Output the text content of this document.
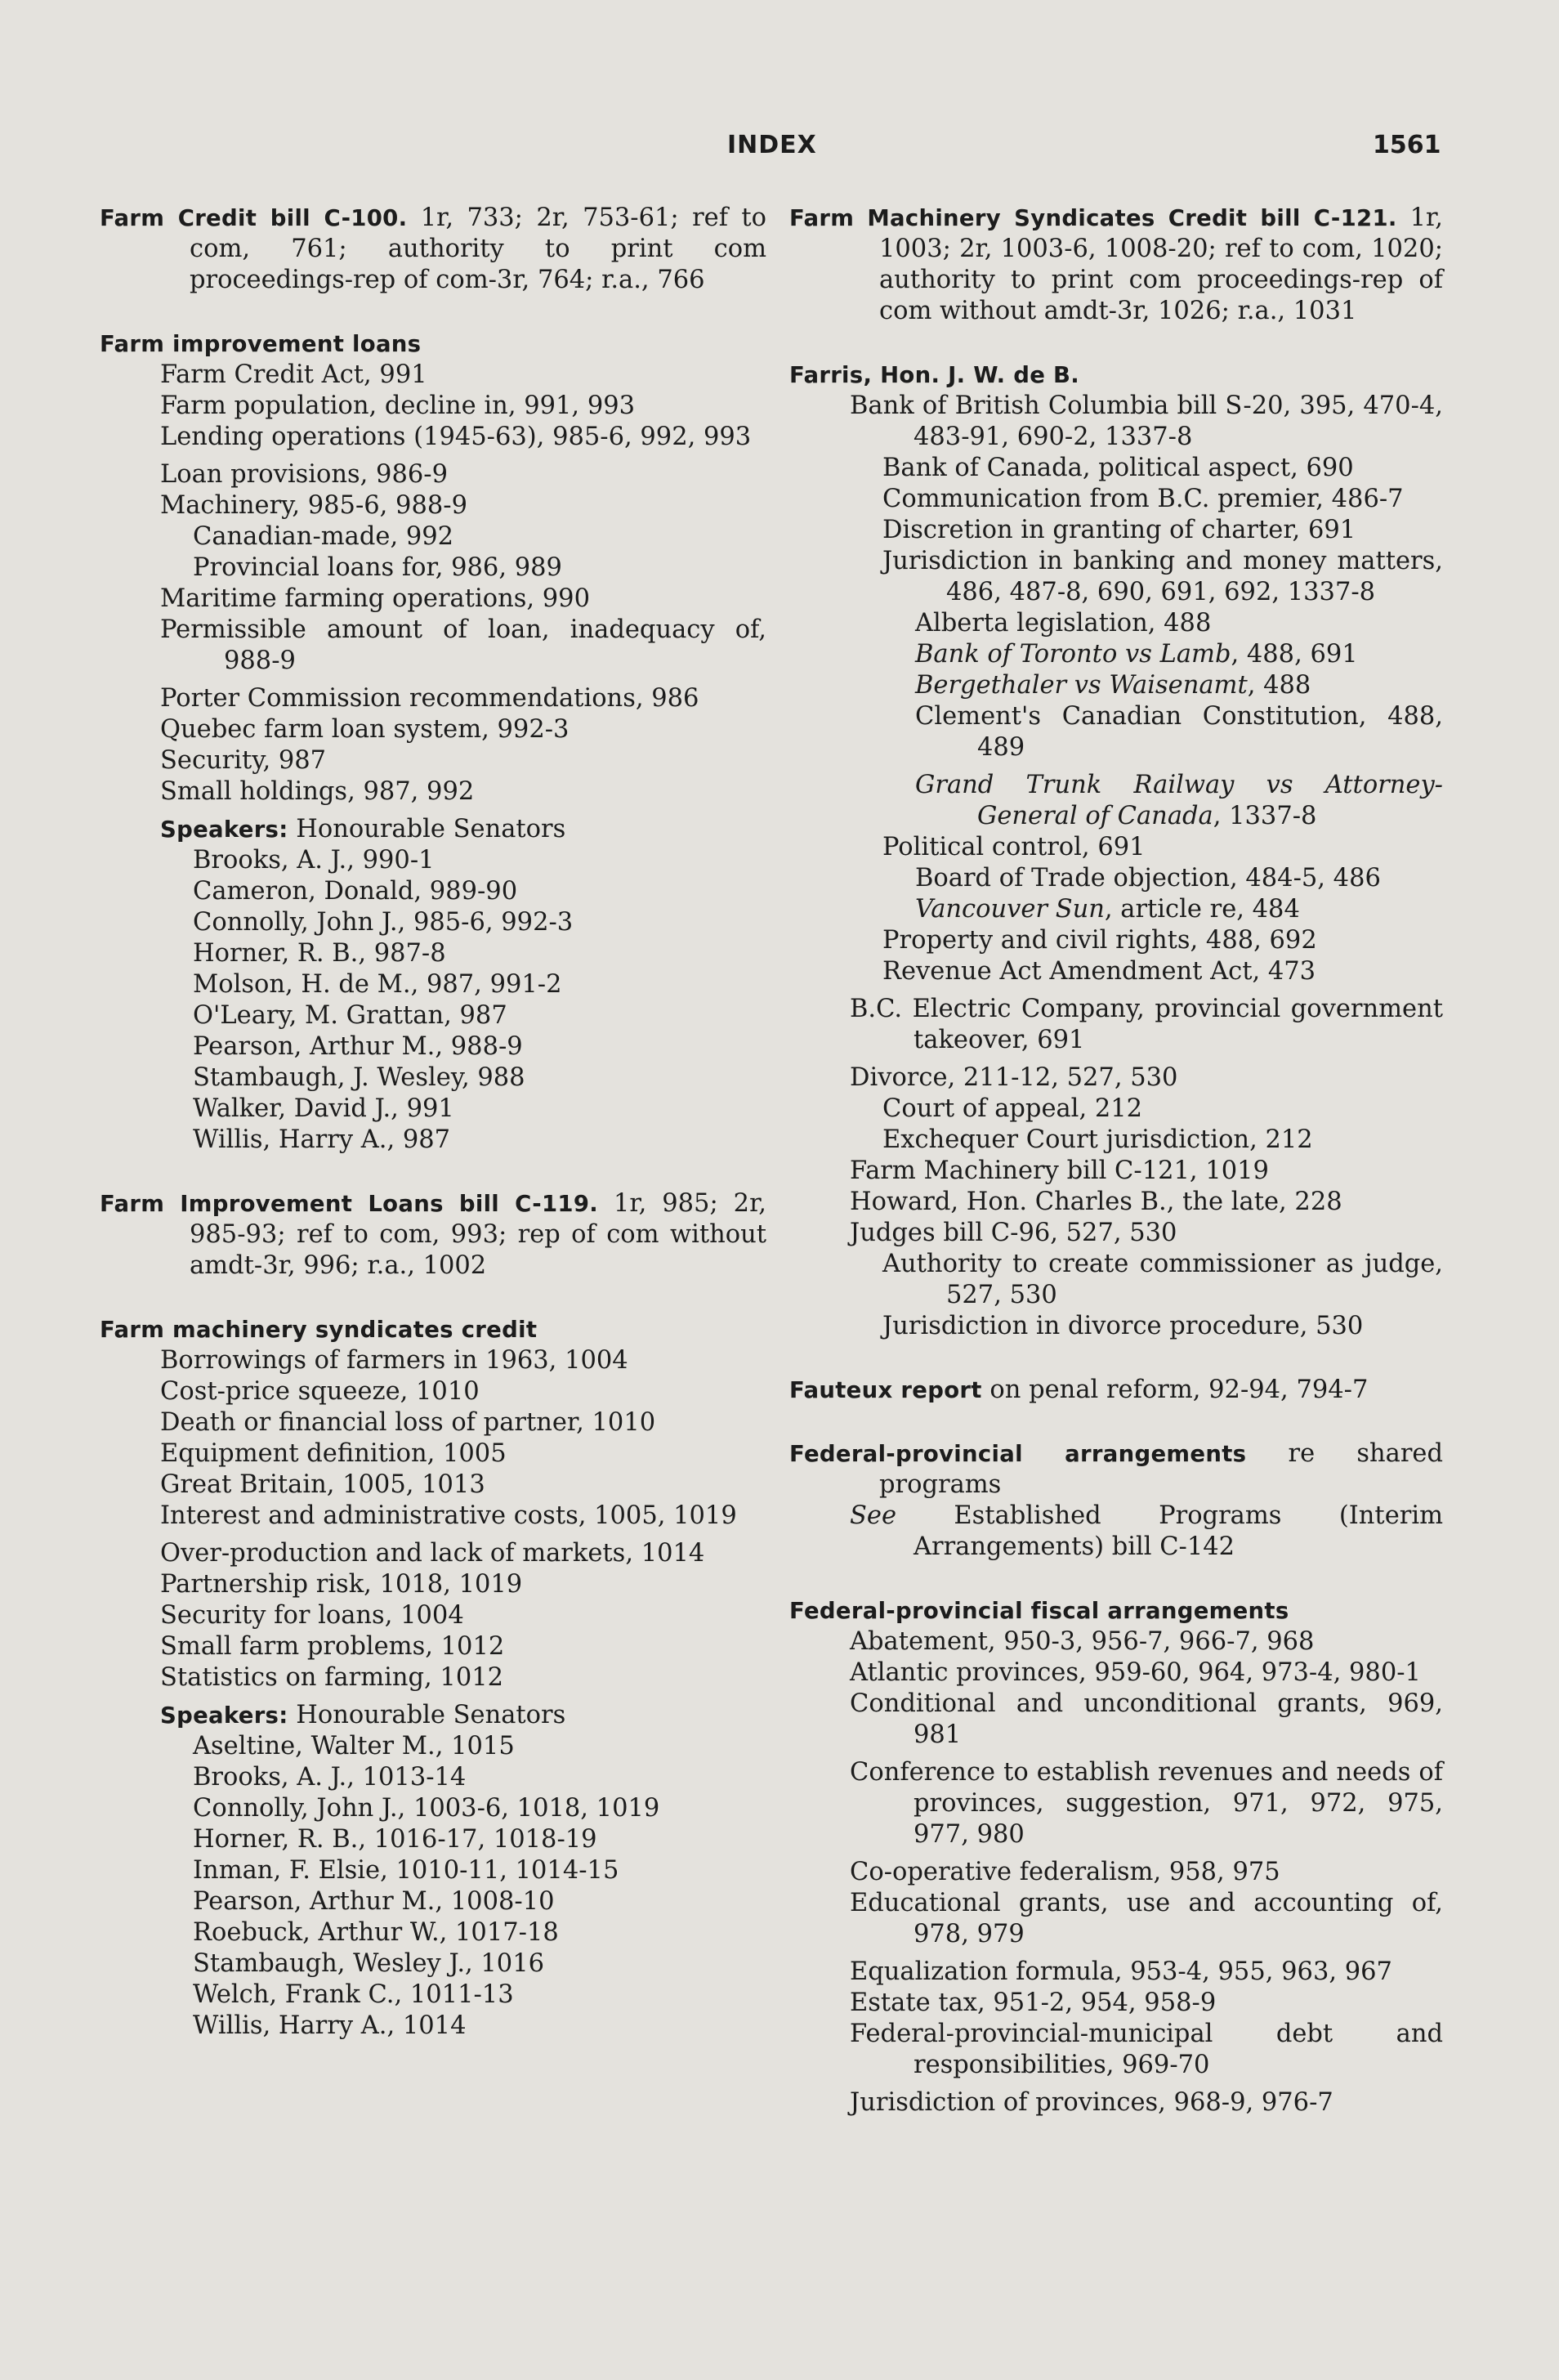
INDEX	1561
Farm Credit bill C-100. 1r, 733; 2r, 753-61; ref to com, 761; authority to print com proceedings-rep of com-3r, 764; r.a., 766
Farm improvement loans
Farm Credit Act, 991
Farm population, decline in, 991, 993
Lending operations (1945-63), 985-6, 992, 993
Loan provisions, 986-9
Machinery, 985-6, 988-9
Canadian-made, 992
Provincial loans for, 986, 989
Maritime farming operations, 990
Permissible amount of loan, inadequacy of, 988-9
Porter Commission recommendations, 986
Quebec farm loan system, 992-3
Security, 987
Small holdings, 987, 992
Speakers: Honourable Senators
Brooks, A. J., 990-1
Cameron, Donald, 989-90
Connolly, John J., 985-6, 992-3
Horner, R. B., 987-8
Molson, H. de M., 987, 991-2
O'Leary, M. Grattan, 987
Pearson, Arthur M., 988-9
Stambaugh, J. Wesley, 988
Walker, David J., 991
Willis, Harry A., 987
Farm Improvement Loans bill C-119. 1r, 985; 2r, 985-93; ref to com, 993; rep of com without amdt-3r, 996; r.a., 1002
Farm machinery syndicates credit
Borrowings of farmers in 1963, 1004
Cost-price squeeze, 1010
Death or financial loss of partner, 1010
Equipment definition, 1005
Great Britain, 1005, 1013
Interest and administrative costs, 1005, 1019
Over-production and lack of markets, 1014
Partnership risk, 1018, 1019
Security for loans, 1004
Small farm problems, 1012
Statistics on farming, 1012
Speakers: Honourable Senators
Aseltine, Walter M., 1015
Brooks, A. J., 1013-14
Connolly, John J., 1003-6, 1018, 1019
Horner, R. B., 1016-17, 1018-19
Inman, F. Elsie, 1010-11, 1014-15
Pearson, Arthur M., 1008-10
Roebuck, Arthur W., 1017-18
Stambaugh, Wesley J., 1016
Welch, Frank C., 1011-13
Willis, Harry A., 1014
Farm Machinery Syndicates Credit bill C-121. 1r, 1003; 2r, 1003-6, 1008-20; ref to com, 1020; authority to print com proceedings-rep of com without amdt-3r, 1026; r.a., 1031
Farris, Hon. J. W. de B.
Bank of British Columbia bill S-20, 395, 470-4, 483-91, 690-2, 1337-8
Bank of Canada, political aspect, 690
Communication from B.C. premier, 486-7
Discretion in granting of charter, 691
Jurisdiction in banking and money matters, 486, 487-8, 690, 691, 692, 1337-8
Alberta legislation, 488
Bank of Toronto vs Lamb, 488, 691
Bergethaler vs Waisenamt, 488
Clement's Canadian Constitution, 488, 489
Grand Trunk Railway vs Attorney-General of Canada, 1337-8
Political control, 691
Board of Trade objection, 484-5, 486
Vancouver Sun, article re, 484
Property and civil rights, 488, 692
Revenue Act Amendment Act, 473
B.C. Electric Company, provincial government takeover, 691
Divorce, 211-12, 527, 530
Court of appeal, 212
Exchequer Court jurisdiction, 212
Farm Machinery bill C-121, 1019
Howard, Hon. Charles B., the late, 228
Judges bill C-96, 527, 530
Authority to create commissioner as judge, 527, 530
Jurisdiction in divorce procedure, 530
Fauteux report on penal reform, 92-94, 794-7
Federal-provincial arrangements re shared programs
See Established Programs (Interim Arrangements) bill C-142
Federal-provincial fiscal arrangements
Abatement, 950-3, 956-7, 966-7, 968
Atlantic provinces, 959-60, 964, 973-4, 980-1
Conditional and unconditional grants, 969, 981
Conference to establish revenues and needs of provinces, suggestion, 971, 972, 975, 977, 980
Co-operative federalism, 958, 975
Educational grants, use and accounting of, 978, 979
Equalization formula, 953-4, 955, 963, 967
Estate tax, 951-2, 954, 958-9
Federal-provincial-municipal debt and responsibilities, 969-70
Jurisdiction of provinces, 968-9, 976-7
